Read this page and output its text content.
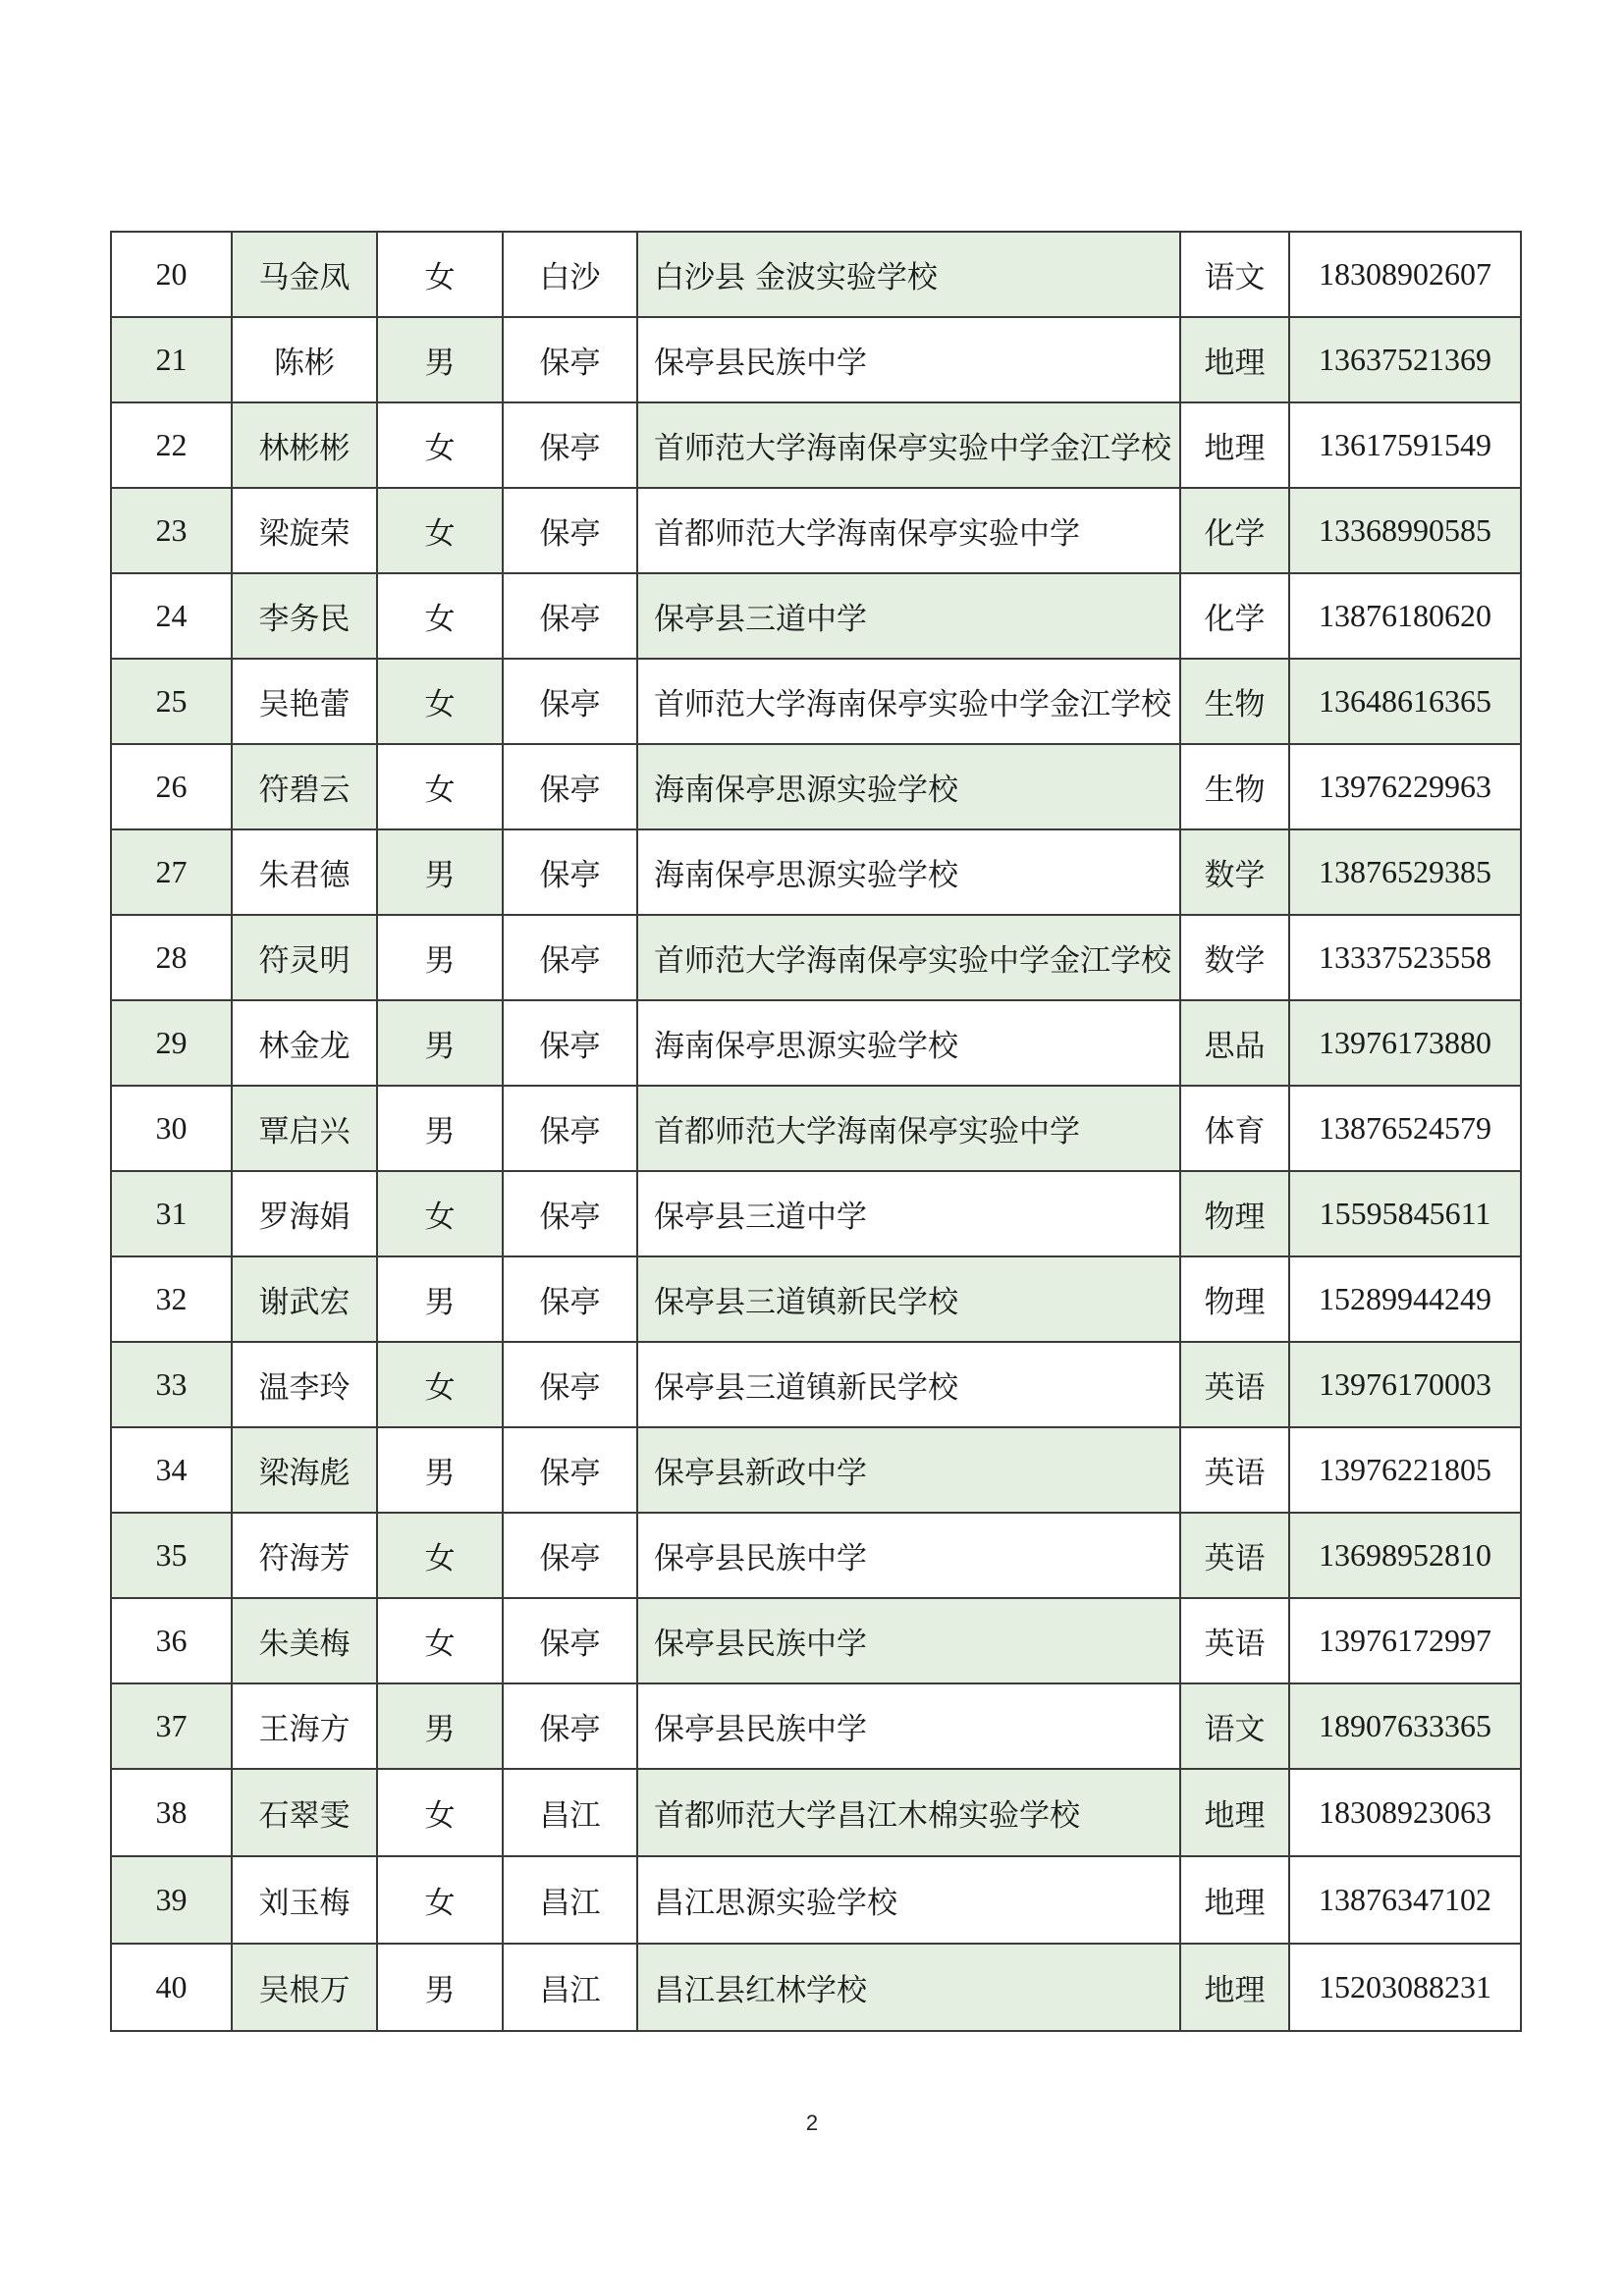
20	马金凤	女	白沙	白沙县 金波实验学校	语文	18308902607
21	陈彬	男	保亭	保亭县民族中学	地理	13637521369
22	林彬彬	女	保亭	首师范大学海南保亭实验中学金江学校	地理	13617591549
23	梁旋荣	女	保亭	首都师范大学海南保亭实验中学	化学	13368990585
24	李务民	女	保亭	保亭县三道中学	化学	13876180620
25	吴艳蕾	女	保亭	首师范大学海南保亭实验中学金江学校	生物	13648616365
26	符碧云	女	保亭	海南保亭思源实验学校	生物	13976229963
27	朱君德	男	保亭	海南保亭思源实验学校	数学	13876529385
28	符灵明	男	保亭	首师范大学海南保亭实验中学金江学校	数学	13337523558
29	林金龙	男	保亭	海南保亭思源实验学校	思品	13976173880
30	覃启兴	男	保亭	首都师范大学海南保亭实验中学	体育	13876524579
31	罗海娟	女	保亭	保亭县三道中学	物理	15595845611
32	谢武宏	男	保亭	保亭县三道镇新民学校	物理	15289944249
33	温李玲	女	保亭	保亭县三道镇新民学校	英语	13976170003
34	梁海彪	男	保亭	保亭县新政中学	英语	13976221805
35	符海芳	女	保亭	保亭县民族中学	英语	13698952810
36	朱美梅	女	保亭	保亭县民族中学	英语	13976172997
37	王海方	男	保亭	保亭县民族中学	语文	18907633365
38	石翠雯	女	昌江	首都师范大学昌江木棉实验学校	地理	18308923063
39	刘玉梅	女	昌江	昌江思源实验学校	地理	13876347102
40	吴根万	男	昌江	昌江县红林学校	地理	15203088231
2
